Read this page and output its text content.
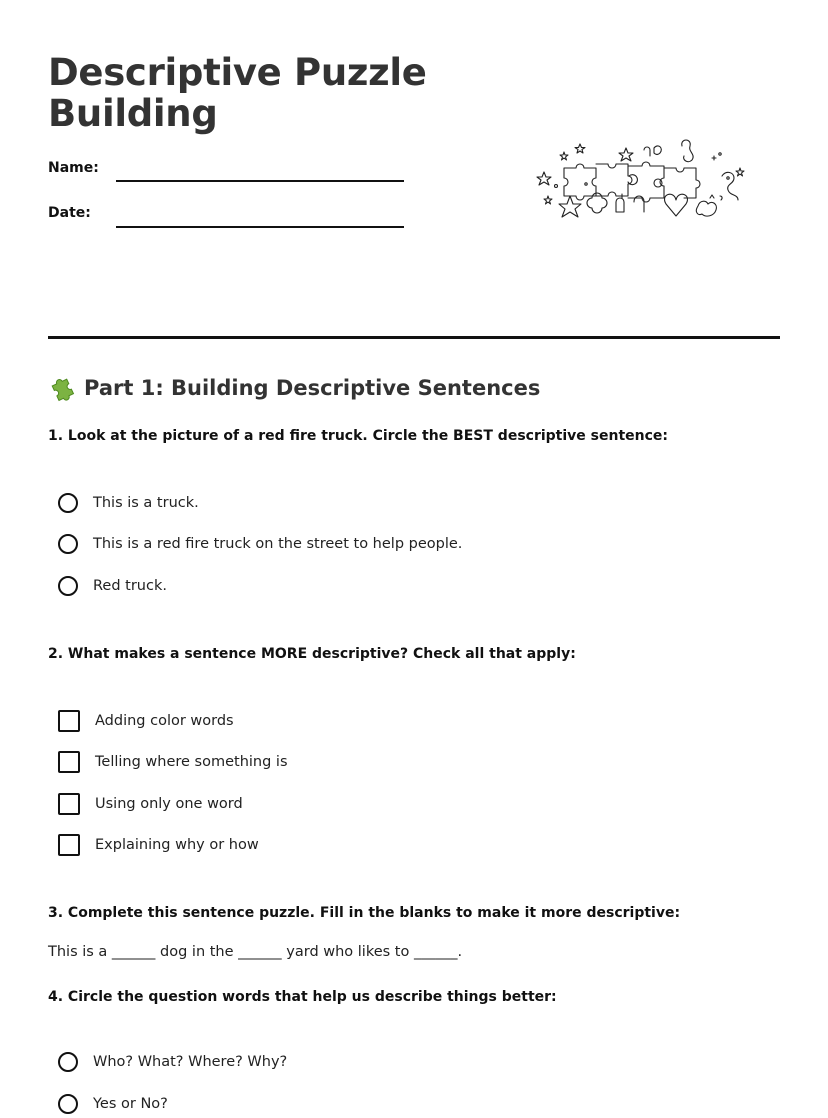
Descriptive Puzzle
Building
Name:
Date:
Part 1: Building Descriptive Sentences

1. Look at the picture of a red fire truck. Circle the BEST descriptive sentence:

This is a truck.
This is a red fire truck on the street to help people.
Red truck.

2. What makes a sentence MORE descriptive? Check all that apply:

Adding color words
Telling where something is
Using only one word
Explaining why or how

3. Complete this sentence puzzle. Fill in the blanks to make it more descriptive:

This is a ______ dog in the ______ yard who likes to ______.

4. Circle the question words that help us describe things better:

Who? What? Where? Why?
Yes or No?
